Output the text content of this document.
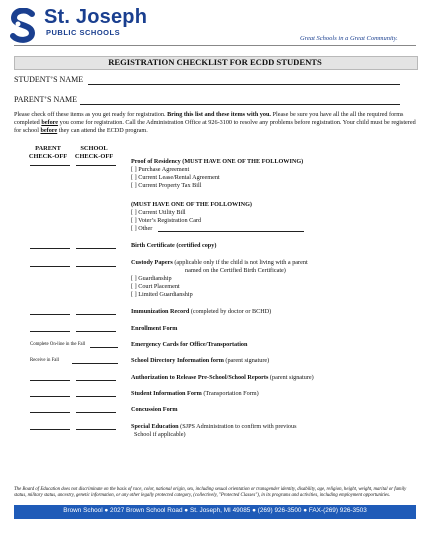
St. Joseph
PUBLIC SCHOOLS
Great Schools in a Great Community.
REGISTRATION CHECKLIST FOR ECDD STUDENTS
STUDENT’S NAME
PARENT’S NAME
Please check off these items as you get ready for registration. Bring this list and these items with you. Please be sure you have all the all the required forms completed before you come for registration. Call the Administration Office at 926-3100 to resolve any problems before registration. Your child must be registered for school before they can attend the ECDD program.
PARENT
CHECK-OFF
SCHOOL
CHECK-OFF
Proof of Residency (MUST HAVE ONE OF THE FOLLOWING)
[ ] Purchase Agreement
[ ] Current Lease/Rental Agreement
[ ] Current Property Tax Bill
(MUST HAVE ONE OF THE FOLLOWING)
[ ] Current Utility Bill
[ ] Voter’s Registration Card
[ ] Other
Birth Certificate (certified copy)
Custody Papers (applicable only if the child is not living with a parent
named on the Certified Birth Certificate)
[ ] Guardianship
[ ] Court Placement
[ ] Limited Guardianship
Immunization Record (completed by doctor or BCHD)
Enrollment Form
Complete On-line in the Fall	Emergency Cards for Office/Transportation
Receive in Fall	School Directory Information form (parent signature)
Authorization to Release Pre-School/School Reports (parent signature)
Student Information Form (Transportation Form)
Concussion Form
Special Education (SJPS Administration to confirm with previous
School if applicable)
The Board of Education does not discriminate on the basis of race, color, national origin, sex, including sexual orientation or transgender identity, disability, age, religion, height, weight, marital or family status, military status, ancestry, genetic information, or any other legally protected category, (collectively, "Protected Classes"), in its programs and activities, including employment opportunities.
Brown School ● 2027 Brown School Road ● St. Joseph, MI 49085 ● (269) 926-3500 ● FAX-(269) 926-3503
